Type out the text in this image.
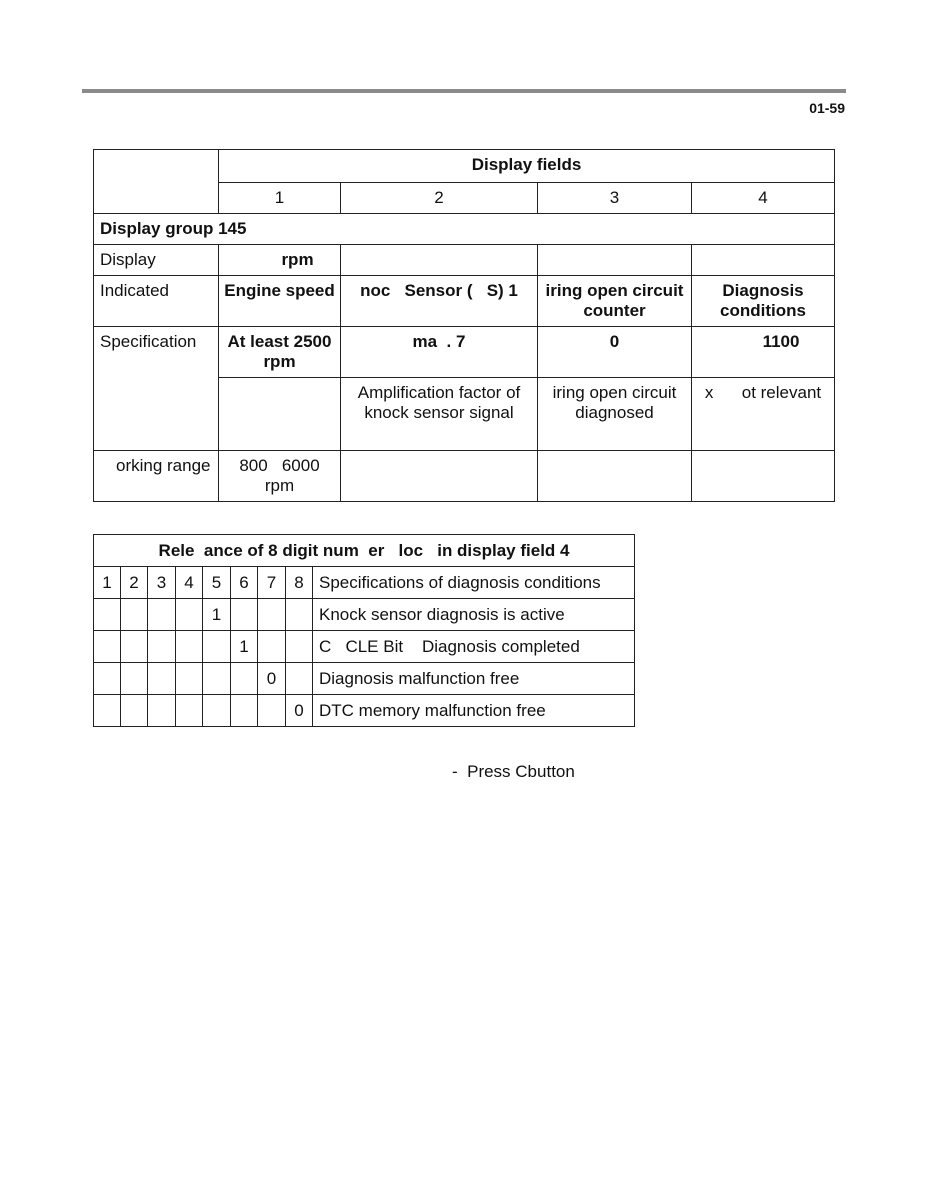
01-59
	Display fields			
	1	2	3	4
Display group 145				
Display	rpm			
Indicated	Engine speed	noc   Sensor (   S) 1	iring open circuit counter	Diagnosis conditions
Specification	At least 2500 rpm	ma  . 7	0	1100
		Amplification factor of knock sensor signal	iring open circuit diagnosed	x      ot relevant
orking range	800   6000 rpm			
Rele  ance of 8 digit num  er   loc   in display field 4								
1	2	3	4	5	6	7	8	Specifications of diagnosis conditions
				1				Knock sensor diagnosis is active
					1			C   CLE Bit    Diagnosis completed
						0		Diagnosis malfunction free
							0	DTC memory malfunction free
-  Press Cbutton
